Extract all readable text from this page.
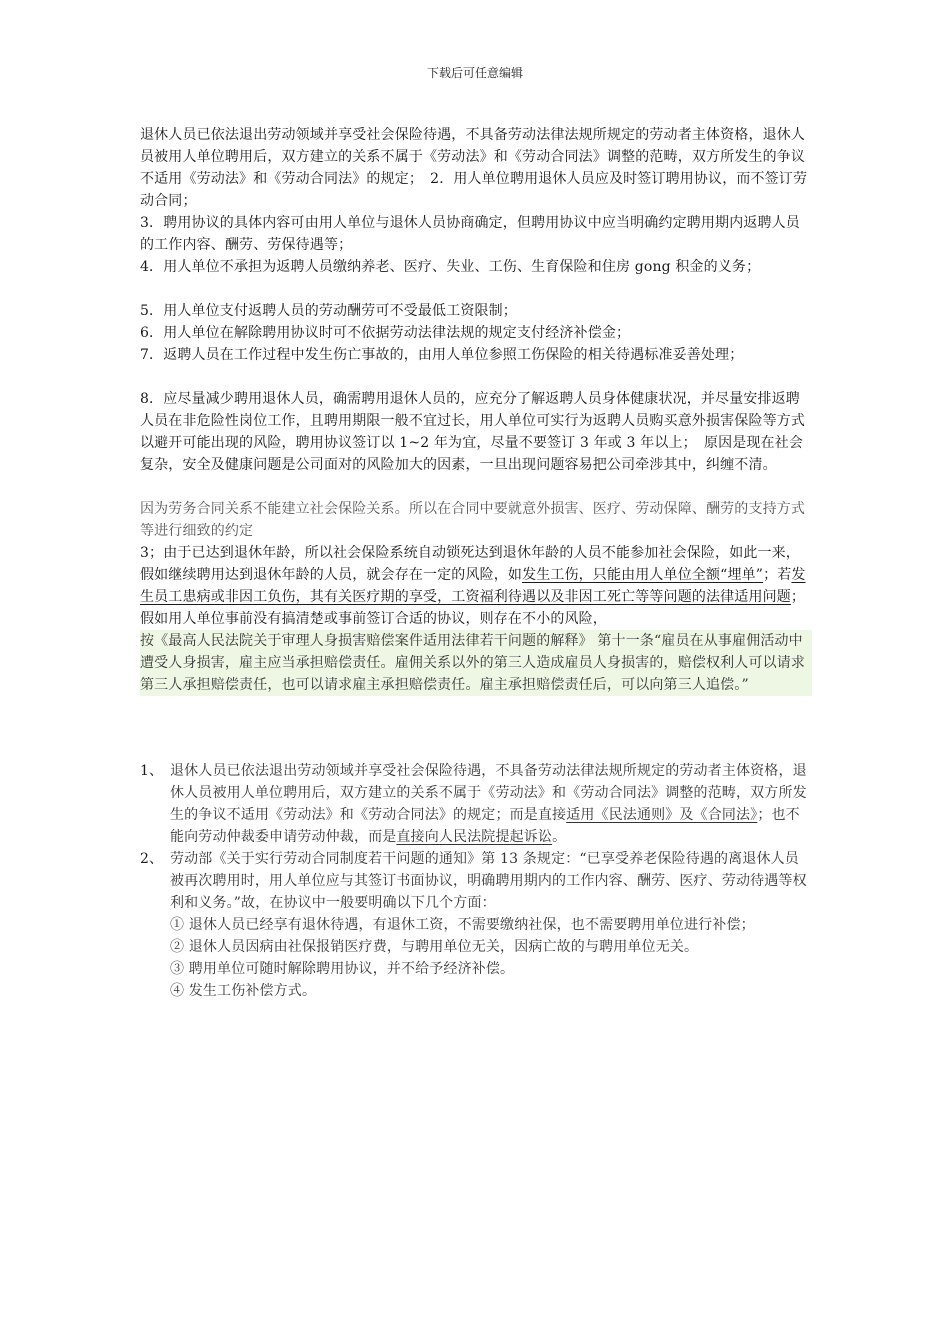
下载后可任意编辑

退休人员已依法退出劳动领域并享受社会保险待遇，不具备劳动法律法规所规定的劳动者主体资格，退休人员被用人单位聘用后，双方建立的关系不属于《劳动法》和《劳动合同法》调整的范畴，双方所发生的争议不适用《劳动法》和《劳动合同法》的规定；　2．用人单位聘用退休人员应及时签订聘用协议，而不签订劳动合同；

3．聘用协议的具体内容可由用人单位与退休人员协商确定，但聘用协议中应当明确约定聘用期内返聘人员的工作内容、酬劳、劳保待遇等；

4．用人单位不承担为返聘人员缴纳养老、医疗、失业、工伤、生育保险和住房 gong 积金的义务；

5．用人单位支付返聘人员的劳动酬劳可不受最低工资限制；

6．用人单位在解除聘用协议时可不依据劳动法律法规的规定支付经济补偿金；

7．返聘人员在工作过程中发生伤亡事故的，由用人单位参照工伤保险的相关待遇标准妥善处理；

8．应尽量减少聘用退休人员，确需聘用退休人员的，应充分了解返聘人员身体健康状况，并尽量安排返聘人员在非危险性岗位工作，且聘用期限一般不宜过长，用人单位可实行为返聘人员购买意外损害保险等方式以避开可能出现的风险，聘用协议签订以 1~2 年为宜，尽量不要签订 3 年或 3 年以上；　原因是现在社会复杂，安全及健康问题是公司面对的风险加大的因素，一旦出现问题容易把公司牵涉其中，纠缠不清。

因为劳务合同关系不能建立社会保险关系。所以在合同中要就意外损害、医疗、劳动保障、酬劳的支持方式等进行细致的约定

3；由于已达到退休年龄，所以社会保险系统自动锁死达到退休年龄的人员不能参加社会保险，如此一来，假如继续聘用达到退休年龄的人员，就会存在一定的风险，如发生工伤，只能由用人单位全额“埋单”；若发生员工患病或非因工负伤，其有关医疗期的享受，工资福利待遇以及非因工死亡等等问题的法律适用问题；假如用人单位事前没有搞清楚或事前签订合适的协议，则存在不小的风险，

按《最高人民法院关于审理人身损害赔偿案件适用法律若干问题的解释》 第十一条“雇员在从事雇佣活动中遭受人身损害，雇主应当承担赔偿责任。雇佣关系以外的第三人造成雇员人身损害的，赔偿权利人可以请求第三人承担赔偿责任，也可以请求雇主承担赔偿责任。雇主承担赔偿责任后，可以向第三人追偿。”

1、 退休人员已依法退出劳动领域并享受社会保险待遇，不具备劳动法律法规所规定的劳动者主体资格，退休人员被用人单位聘用后，双方建立的关系不属于《劳动法》和《劳动合同法》调整的范畴，双方所发生的争议不适用《劳动法》和《劳动合同法》的规定；而是直接适用《民法通则》及《合同法》；也不能向劳动仲裁委申请劳动仲裁，而是直接向人民法院提起诉讼。
2、 劳动部《关于实行劳动合同制度若干问题的通知》第 13 条规定：“已享受养老保险待遇的离退休人员被再次聘用时，用人单位应与其签订书面协议，明确聘用期内的工作内容、酬劳、医疗、劳动待遇等权利和义务。”故，在协议中一般要明确以下几个方面：
① 退休人员已经享有退休待遇，有退休工资，不需要缴纳社保，也不需要聘用单位进行补偿；
② 退休人员因病由社保报销医疗费，与聘用单位无关，因病亡故的与聘用单位无关。
③ 聘用单位可随时解除聘用协议，并不给予经济补偿。
④ 发生工伤补偿方式。
